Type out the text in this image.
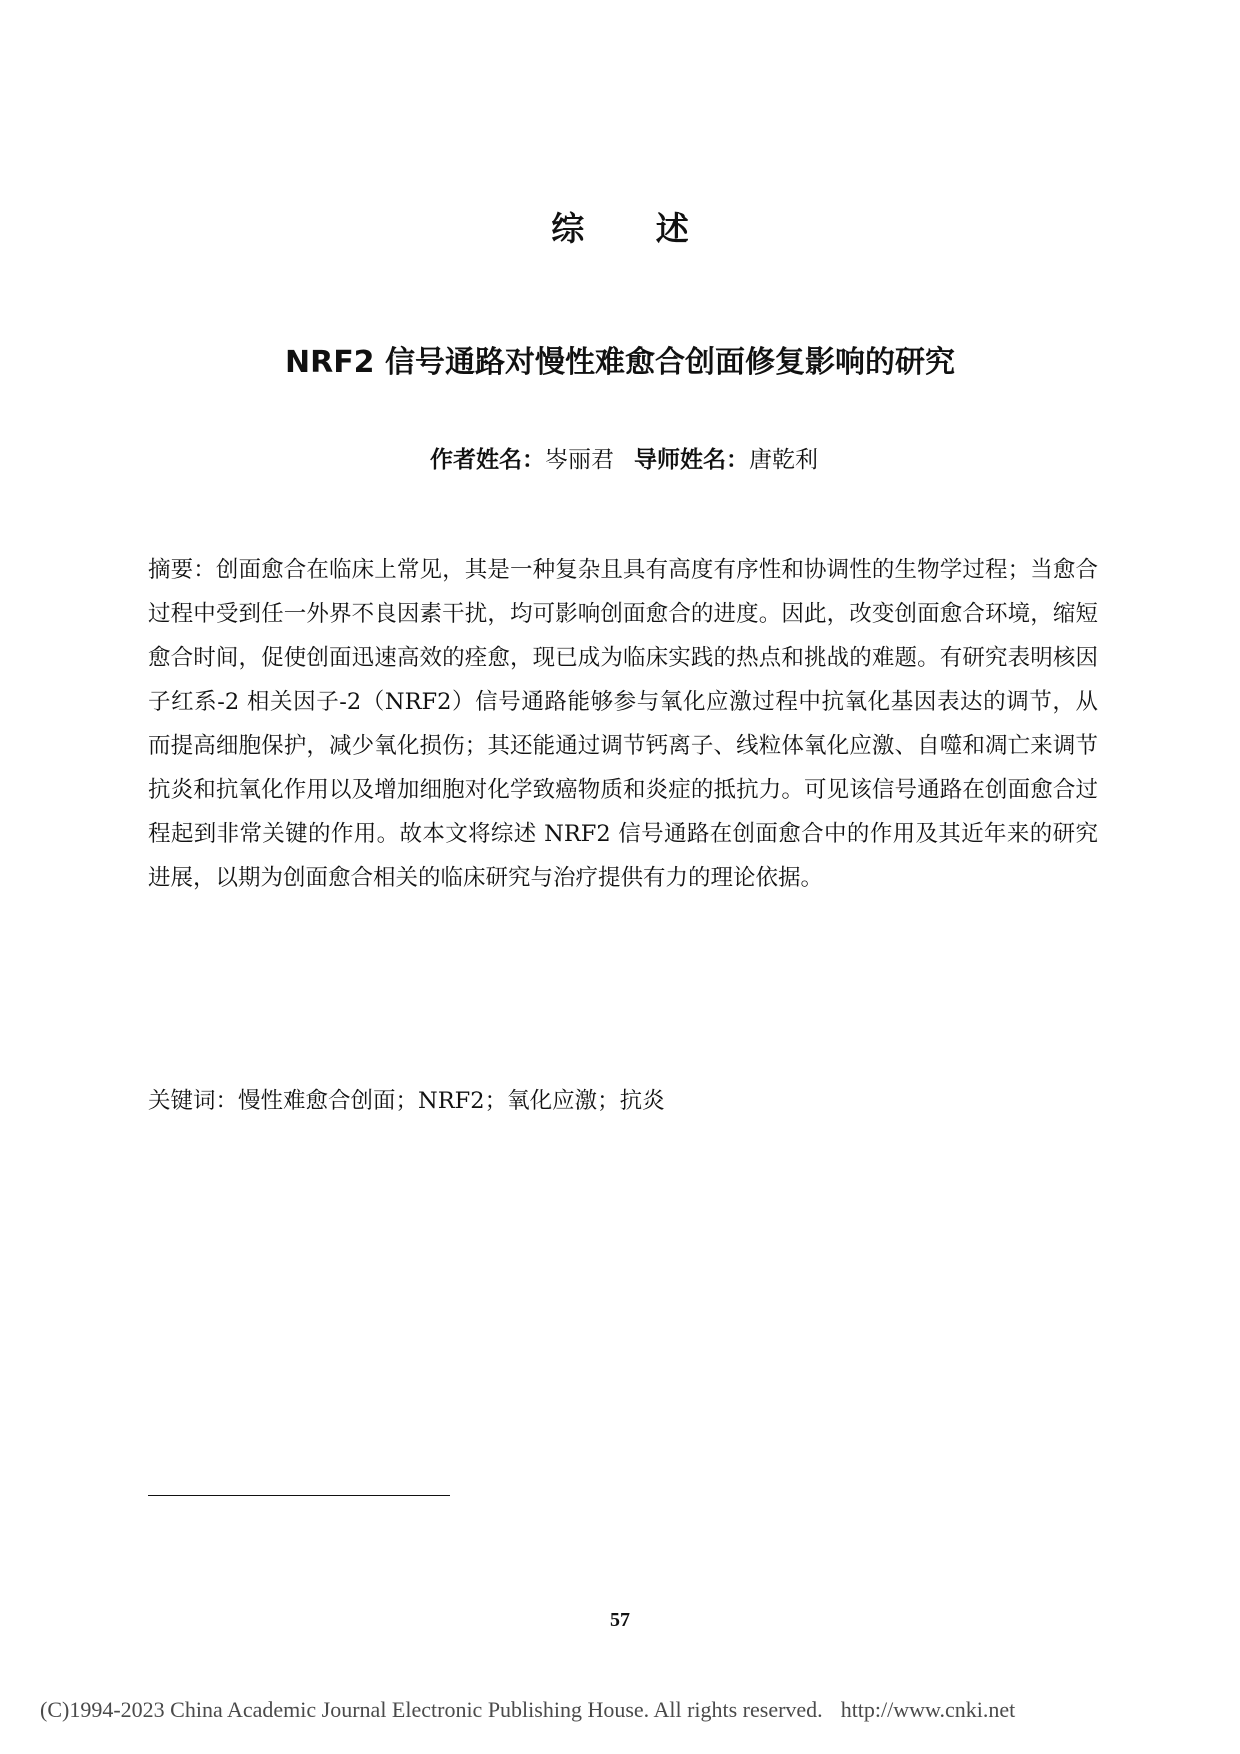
综 述
NRF2 信号通路对慢性难愈合创面修复影响的研究
作者姓名：岑丽君 导师姓名：唐乾利

摘要：创面愈合在临床上常见，其是一种复杂且具有高度有序性和协调性的生物学过程；当愈合过程中受到任一外界不良因素干扰，均可影响创面愈合的进度。因此，改变创面愈合环境，缩短愈合时间，促使创面迅速高效的痊愈，现已成为临床实践的热点和挑战的难题。有研究表明核因子红系-2 相关因子-2（NRF2）信号通路能够参与氧化应激过程中抗氧化基因表达的调节，从而提高细胞保护，减少氧化损伤；其还能通过调节钙离子、线粒体氧化应激、自噬和凋亡来调节抗炎和抗氧化作用以及增加细胞对化学致癌物质和炎症的抵抗力。可见该信号通路在创面愈合过程起到非常关键的作用。故本文将综述 NRF2 信号通路在创面愈合中的作用及其近年来的研究进展，以期为创面愈合相关的临床研究与治疗提供有力的理论依据。

关键词：慢性难愈合创面；NRF2；氧化应激；抗炎

57
(C)1994-2023 China Academic Journal Electronic Publishing House. All rights reserved. http://www.cnki.net
